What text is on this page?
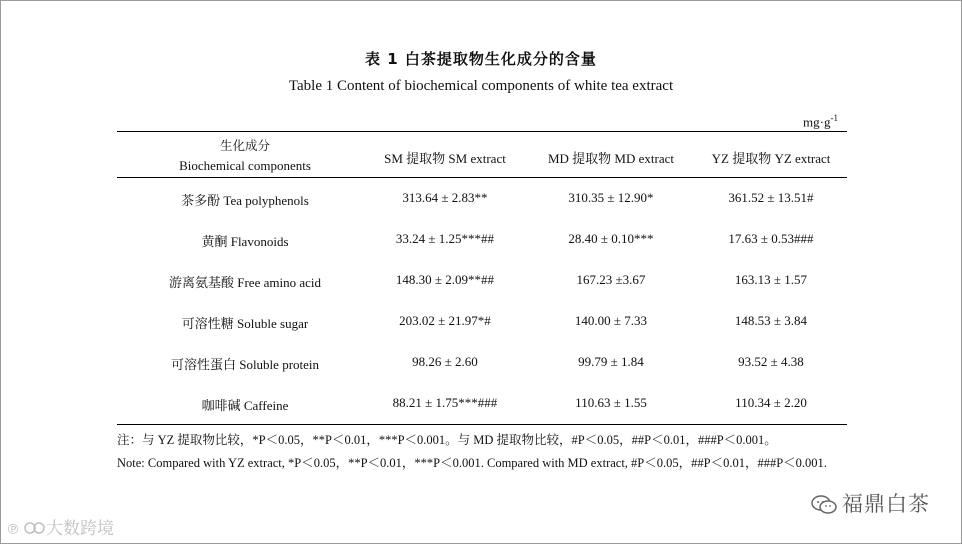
表 1 白茶提取物生化成分的含量
Table 1 Content of biochemical components of white tea extract
$mg\cdot g^{-1}$
生化成分
Biochemical components	SM 提取物 SM extract	MD 提取物 MD extract	YZ 提取物 YZ extract
茶多酚 Tea polyphenols	313.64 ± 2.83**	310.35 ± 12.90*	361.52 ± 13.51#
黄酮 Flavonoids	33.24 ± 1.25***##	28.40 ± 0.10***	17.63 ± 0.53###
游离氨基酸 Free amino acid	148.30 ± 2.09**##	167.23 ±3.67	163.13 ± 1.57
可溶性糖 Soluble sugar	203.02 ± 21.97*#	140.00 ± 7.33	148.53 ± 3.84
可溶性蛋白 Soluble protein	98.26 ± 2.60	99.79 ± 1.84	93.52 ± 4.38
咖啡碱 Caffeine	88.21 ± 1.75***###	110.63 ± 1.55	110.34 ± 2.20
注：与 YZ 提取物比较，*P＜0.05，**P＜0.01，***P＜0.001。与 MD 提取物比较，#P＜0.05，##P＜0.01，###P＜0.001。
Note: Compared with YZ extract, *P＜0.05，**P＜0.01，***P＜0.001. Compared with MD extract, #P＜0.05，##P＜0.01，###P＜0.001.
福鼎白茶
℗ 大数跨境
